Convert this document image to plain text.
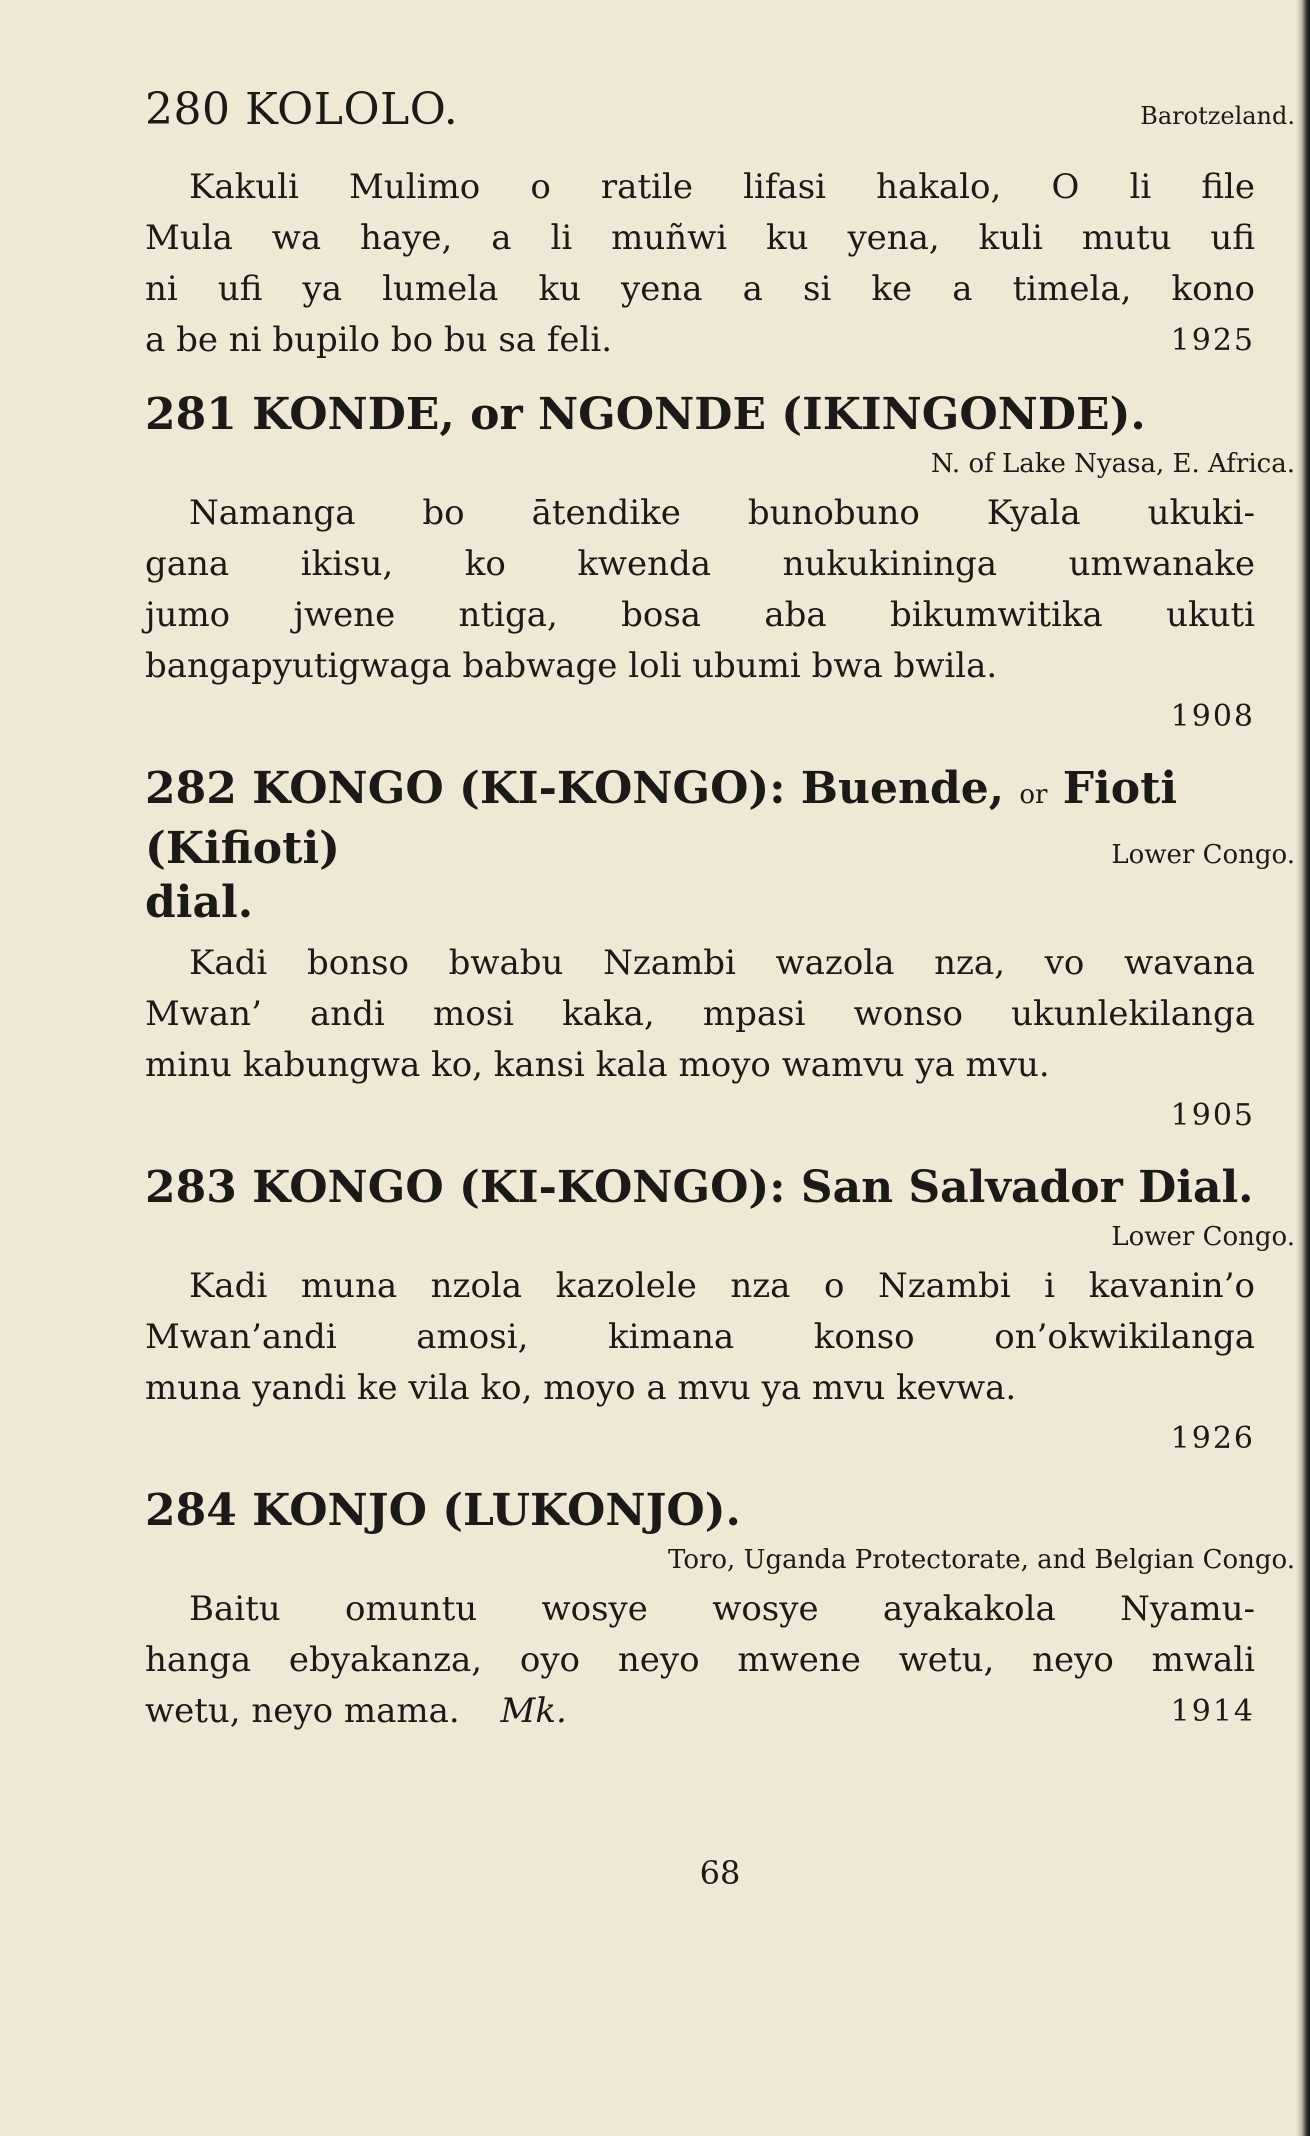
280 KOLOLO.	Barotzeland.
Kakuli Mulimo o ratile lifasi hakalo, O li file
Mula wa haye, a li muñwi ku yena, kuli mutu ufi
ni ufi ya lumela ku yena a si ke a timela, kono
a be ni bupilo bo bu sa feli.	1925
281 KONDE, or NGONDE (IKINGONDE).
N. of Lake Nyasa, E. Africa.
Namanga bo ātendike bunobuno Kyala ukuki-
gana ikisu, ko kwenda nukukininga umwanake
jumo jwene ntiga, bosa aba bikumwitika ukuti
bangapyutigwaga babwage loli ubumi bwa bwila.
1908
282 KONGO (KI-KONGO): Buende, or Fioti (Kifioti)
dial.
Lower Congo.
Kadi bonso bwabu Nzambi wazola nza, vo wavana
Mwan’ andi mosi kaka, mpasi wonso ukunlekilanga
minu kabungwa ko, kansi kala moyo wamvu ya mvu.
1905
283 KONGO (KI-KONGO): San Salvador Dial.
Lower Congo.
Kadi muna nzola kazolele nza o Nzambi i kavanin’o
Mwan’andi amosi, kimana konso on’okwikilanga
muna yandi ke vila ko, moyo a mvu ya mvu kevwa.
1926
284 KONJO (LUKONJO).
Toro, Uganda Protectorate, and Belgian Congo.
Baitu omuntu wosye wosye ayakakola Nyamu-
hanga ebyakanza, oyo neyo mwene wetu, neyo mwali
wetu, neyo mama. Mk.	1914
68
